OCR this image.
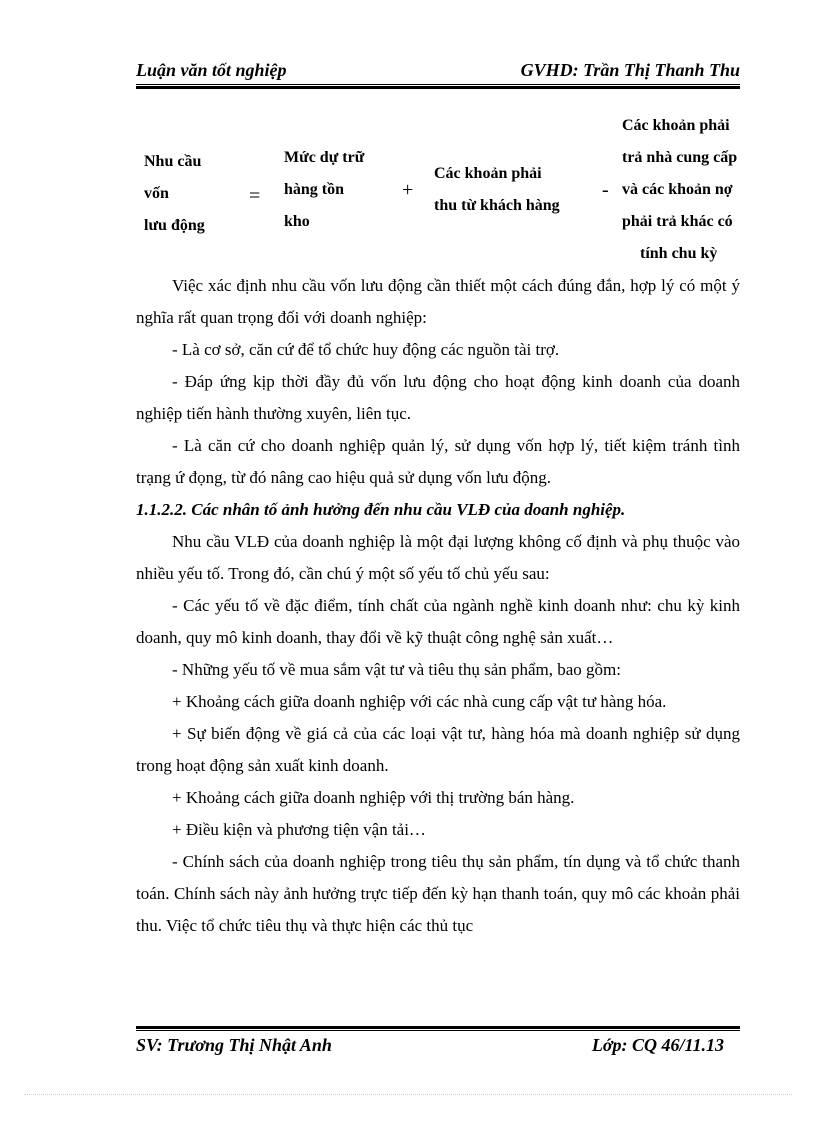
Luận văn tốt nghiệp	GVHD: Trần Thị Thanh Thu
Nhu cầu
vốn
lưu động
=
Mức dự trữ
hàng tồn
kho
+
Các khoản phải
thu từ khách hàng
-
Các khoản phải
trả nhà cung cấp
và các khoản nợ
phải trả khác có
tính chu kỳ

Việc xác định nhu cầu vốn lưu động cần thiết một cách đúng đắn, hợp lý có một ý nghĩa rất quan trọng đối với doanh nghiệp:

- Là cơ sở, căn cứ để tổ chức huy động các nguồn tài trợ.

- Đáp ứng kịp thời đầy đủ vốn lưu động cho hoạt động kinh doanh của doanh nghiệp tiến hành thường xuyên, liên tục.

- Là căn cứ cho doanh nghiệp quản lý, sử dụng vốn hợp lý, tiết kiệm tránh tình trạng ứ đọng, từ đó nâng cao hiệu quả sử dụng vốn lưu động.

1.1.2.2. Các nhân tố ảnh hưởng đến nhu cầu VLĐ của doanh nghiệp.

Nhu cầu VLĐ của doanh nghiệp là một đại lượng không cố định và phụ thuộc vào nhiều yếu tố. Trong đó, cần chú ý một số yếu tố chủ yếu sau:

- Các yếu tố về đặc điểm, tính chất của ngành nghề kinh doanh như: chu kỳ kinh doanh, quy mô kinh doanh, thay đổi về kỹ thuật công nghệ sản xuất…

- Những yếu tố về mua sắm vật tư và tiêu thụ sản phẩm, bao gồm:

+ Khoảng cách giữa doanh nghiệp với các nhà cung cấp vật tư hàng hóa.

+ Sự biến động về giá cả của các loại vật tư, hàng hóa mà doanh nghiệp sử dụng trong hoạt động sản xuất kinh doanh.

+ Khoảng cách giữa doanh nghiệp với thị trường bán hàng.

+ Điều kiện và phương tiện vận tải…

- Chính sách của doanh nghiệp trong tiêu thụ sản phẩm, tín dụng và tổ chức thanh toán. Chính sách này ảnh hưởng trực tiếp đến kỳ hạn thanh toán, quy mô các khoản phải thu. Việc tổ chức tiêu thụ và thực hiện các thủ tục

SV: Trương Thị Nhật Anh	Lớp: CQ 46/11.13
